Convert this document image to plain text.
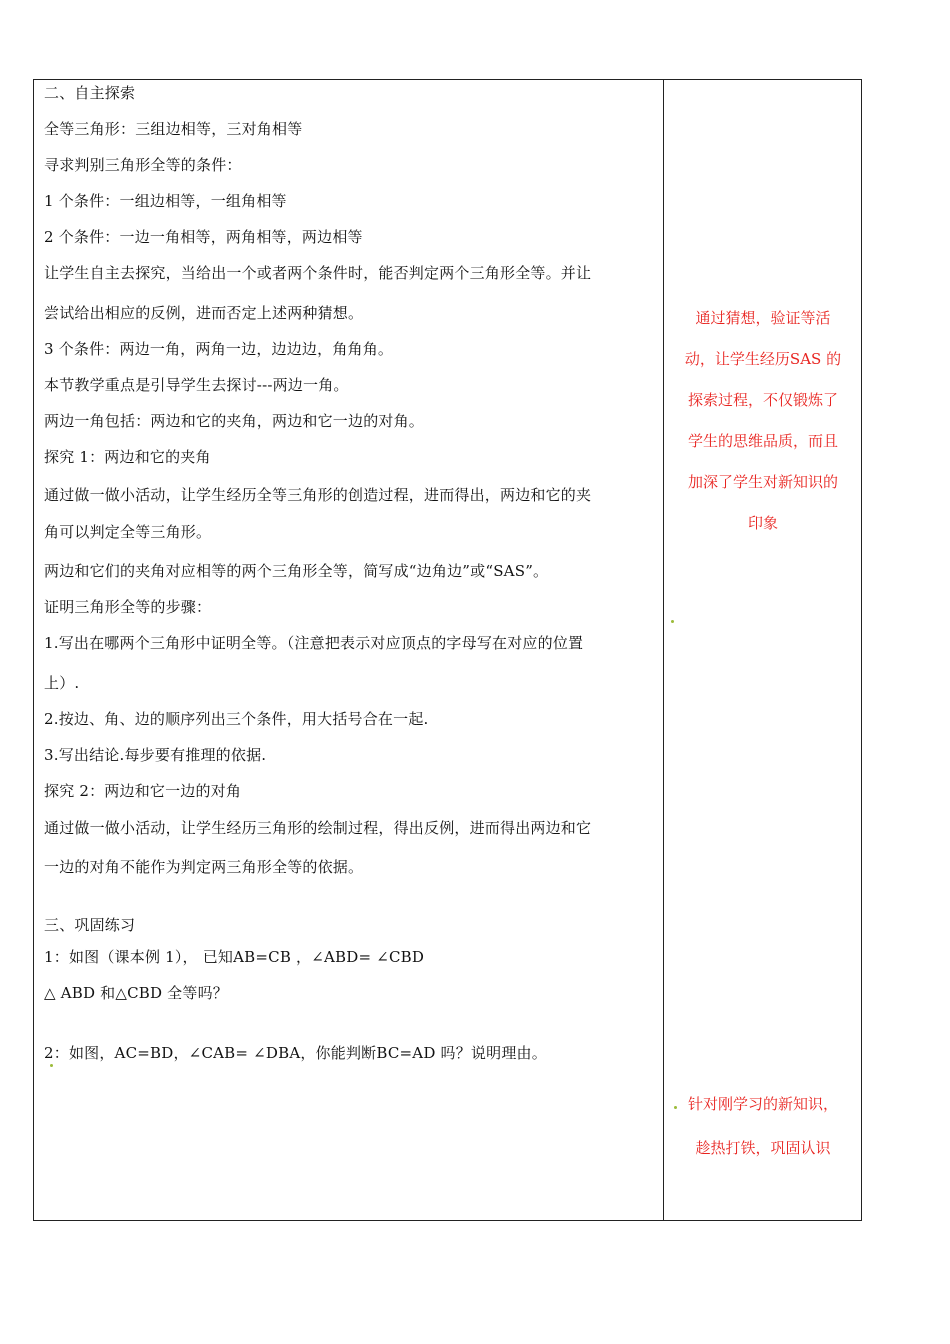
二、自主探索
全等三角形：三组边相等，三对角相等
寻求判别三角形全等的条件：
1 个条件：一组边相等，一组角相等
2 个条件：一边一角相等，两角相等，两边相等
让学生自主去探究，当给出一个或者两个条件时，能否判定两个三角形全等。并让
尝试给出相应的反例，进而否定上述两种猜想。
3 个条件：两边一角，两角一边，边边边，角角角。
本节教学重点是引导学生去探讨---两边一角。
两边一角包括：两边和它的夹角，两边和它一边的对角。
探究 1：两边和它的夹角
通过做一做小活动，让学生经历全等三角形的创造过程，进而得出，两边和它的夹
角可以判定全等三角形。
两边和它们的夹角对应相等的两个三角形全等，简写成“边角边”或“SAS”。
证明三角形全等的步骤：
1.写出在哪两个三角形中证明全等。（注意把表示对应顶点的字母写在对应的位置
上）.
2.按边、角、边的顺序列出三个条件，用大括号合在一起.
3.写出结论.每步要有推理的依据.
探究 2：两边和它一边的对角
通过做一做小活动，让学生经历三角形的绘制过程，得出反例，进而得出两边和它
一边的对角不能作为判定两三角形全等的依据。
三、巩固练习
1：如图（课本例 1）， 已知AB=CB ，∠ABD= ∠CBD
△ ABD 和△CBD 全等吗？
2：如图，AC=BD，∠CAB= ∠DBA，你能判断BC=AD 吗？说明理由。
通过猜想，验证等活
动，让学生经历SAS 的
探索过程，不仅锻炼了
学生的思维品质，而且
加深了学生对新知识的
印象
针对刚学习的新知识，
趁热打铁，巩固认识
